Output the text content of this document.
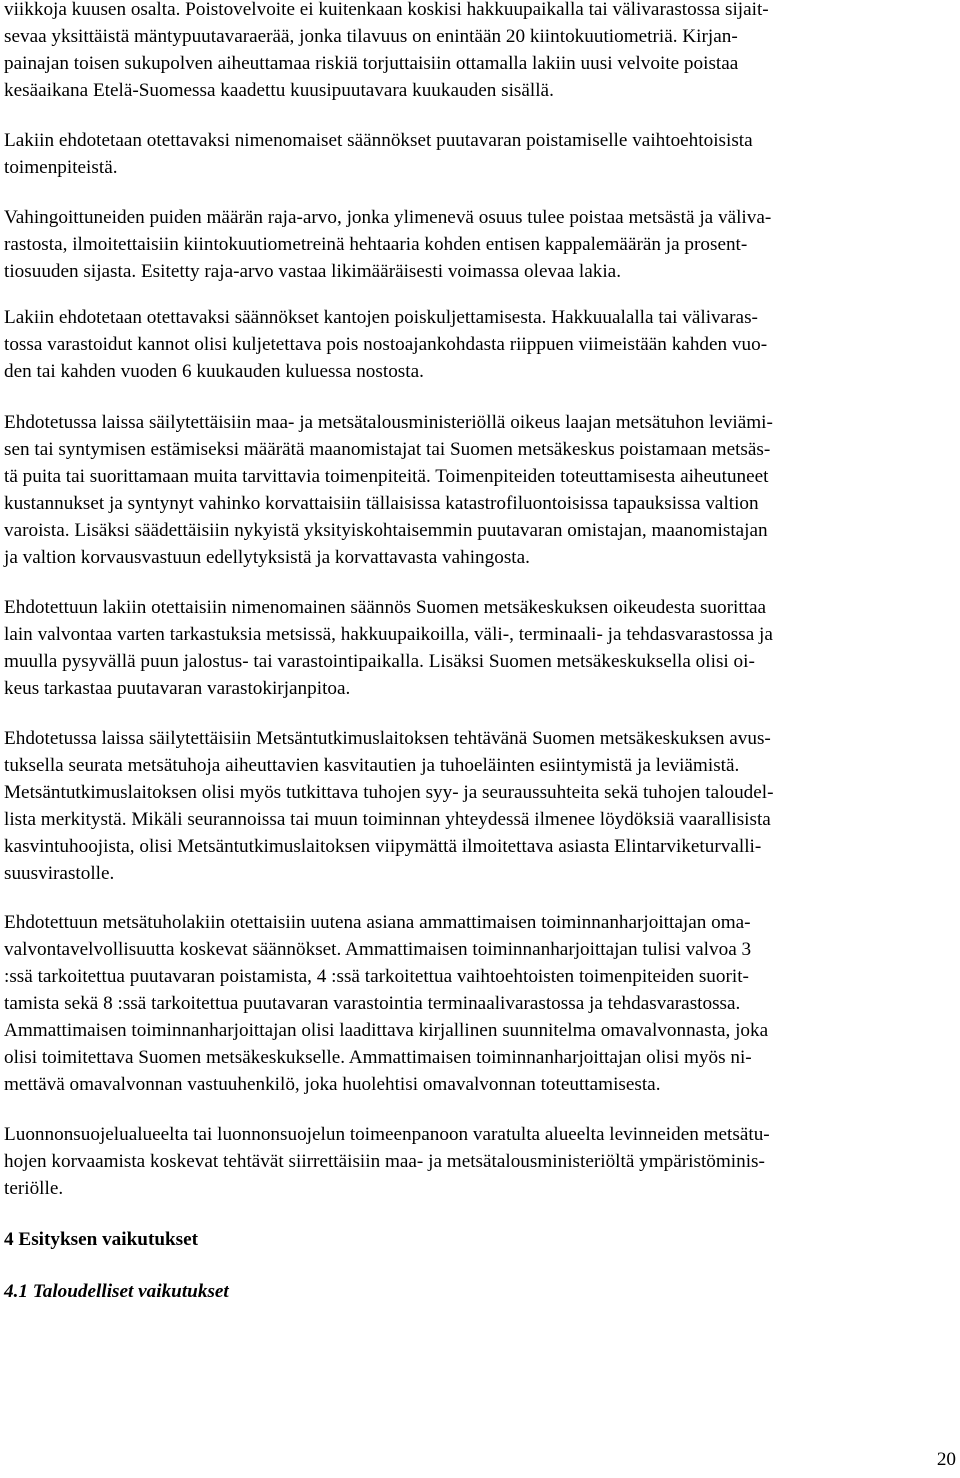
viikkoja kuusen osalta. Poistovelvoite ei kuitenkaan koskisi hakkuupaikalla tai välivarastossa sijait-
sevaa yksittäistä mäntypuutavaraerää, jonka tilavuus on enintään 20 kiintokuutiometriä. Kirjan-
painajan toisen sukupolven aiheuttamaa riskiä torjuttaisiin ottamalla lakiin uusi velvoite poistaa
kesäaikana Etelä-Suomessa kaadettu kuusipuutavara kuukauden sisällä.
Lakiin ehdotetaan otettavaksi nimenomaiset säännökset puutavaran poistamiselle vaihtoehtoisista
toimenpiteistä.
Vahingoittuneiden puiden määrän raja-arvo, jonka ylimenevä osuus tulee poistaa metsästä ja väliva-
rastosta, ilmoitettaisiin kiintokuutiometreinä hehtaaria kohden entisen kappalemäärän ja prosent-
tiosuuden sijasta. Esitetty raja-arvo vastaa likimääräisesti voimassa olevaa lakia.
Lakiin ehdotetaan otettavaksi säännökset kantojen poiskuljettamisesta. Hakkuualalla tai välivaras-
tossa varastoidut kannot olisi kuljetettava pois nostoajankohdasta riippuen viimeistään kahden vuo-
den tai kahden vuoden 6 kuukauden kuluessa nostosta.
Ehdotetussa laissa säilytettäisiin maa- ja metsätalousministeriöllä oikeus laajan metsätuhon leviämi-
sen tai syntymisen estämiseksi määrätä maanomistajat tai Suomen metsäkeskus poistamaan metsäs-
tä puita tai suorittamaan muita tarvittavia toimenpiteitä. Toimenpiteiden toteuttamisesta aiheutuneet
kustannukset ja syntynyt vahinko korvattaisiin tällaisissa katastrofiluontoisissa tapauksissa valtion
varoista. Lisäksi säädettäisiin nykyistä yksityiskohtaisemmin puutavaran omistajan, maanomistajan
ja valtion korvausvastuun edellytyksistä ja korvattavasta vahingosta.
Ehdotettuun lakiin otettaisiin nimenomainen säännös Suomen metsäkeskuksen oikeudesta suorittaa
lain valvontaa varten tarkastuksia metsissä, hakkuupaikoilla, väli-, terminaali- ja tehdasvarastossa ja
muulla pysyvällä puun jalostus- tai varastointipaikalla. Lisäksi Suomen metsäkeskuksella olisi oi-
keus tarkastaa puutavaran varastokirjanpitoa.
Ehdotetussa laissa säilytettäisiin Metsäntutkimuslaitoksen tehtävänä Suomen metsäkeskuksen avus-
tuksella seurata metsätuhoja aiheuttavien kasvitautien ja tuhoeläinten esiintymistä ja leviämistä.
Metsäntutkimuslaitoksen olisi myös tutkittava tuhojen syy- ja seuraussuhteita sekä tuhojen taloudel-
lista merkitystä. Mikäli seurannoissa tai muun toiminnan yhteydessä ilmenee löydöksiä vaarallisista
kasvintuhoojista, olisi Metsäntutkimuslaitoksen viipymättä ilmoitettava asiasta Elintarviketurvalli-
suusvirastolle.
Ehdotettuun metsätuholakiin otettaisiin uutena asiana ammattimaisen toiminnanharjoittajan oma-
valvontavelvollisuutta koskevat säännökset. Ammattimaisen toiminnanharjoittajan tulisi valvoa 3
:ssä tarkoitettua puutavaran poistamista, 4 :ssä tarkoitettua vaihtoehtoisten toimenpiteiden suorit-
tamista sekä 8 :ssä tarkoitettua puutavaran varastointia terminaalivarastossa ja tehdasvarastossa.
Ammattimaisen toiminnanharjoittajan olisi laadittava kirjallinen suunnitelma omavalvonnasta, joka
olisi toimitettava Suomen metsäkeskukselle. Ammattimaisen toiminnanharjoittajan olisi myös ni-
mettävä omavalvonnan vastuuhenkilö, joka huolehtisi omavalvonnan toteuttamisesta.
Luonnonsuojelualueelta tai luonnonsuojelun toimeenpanoon varatulta alueelta levinneiden metsätu-
hojen korvaamista koskevat tehtävät siirrettäisiin maa- ja metsätalousministeriöltä ympäristöminis-
teriölle.
4 Esityksen vaikutukset
4.1 Taloudelliset vaikutukset
20
